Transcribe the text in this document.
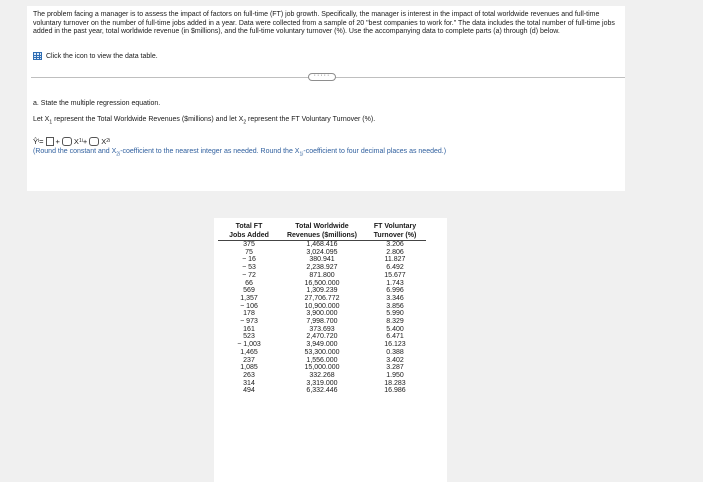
The problem facing a manager is to assess the impact of factors on full-time (FT) job growth. Specifically, the manager is interest in the impact of total worldwide revenues and full-time voluntary turnover on the number of full-time jobs added in a year. Data were collected from a sample of 20 "best companies to work for." The data includes the total number of full-time jobs added in the past year, total worldwide revenue (in $millions), and the full-time voluntary turnover (%). Use the accompanying data to complete parts (a) through (d) below.
Click the icon to view the data table.
·····
a. State the multiple regression equation.
Let $X_1$ represent the Total Worldwide Revenues ($millions) and let $X_2$ represent the FT Voluntary Turnover (%).
Ŷ i = + X 1i + X 2i
(Round the constant and $X_{2i}$-coefficient to the nearest integer as needed. Round the $X_{1i}$-coefficient to four decimal places as needed.)
Total FT	Total Worldwide	FT Voluntary
Jobs Added	Revenues ($millions)	Turnover (%)
375	1,468.416	3.206
75	3,024.095	2.806
− 16	380.941	11.827
− 53	2,238.927	6.492
− 72	871.800	15.677
66	16,500.000	1.743
569	1,309.239	6.996
1,357	27,706.772	3.346
− 106	10,900.000	3.856
178	3,900.000	5.990
− 973	7,998.700	8.329
161	373.693	5.400
523	2,470.720	6.471
− 1,003	3,949.000	16.123
1,465	53,300.000	0.388
237	1,556.000	3.402
1,085	15,000.000	3.287
263	332.268	1.950
314	3,319.000	18.283
494	6,332.446	16.986
